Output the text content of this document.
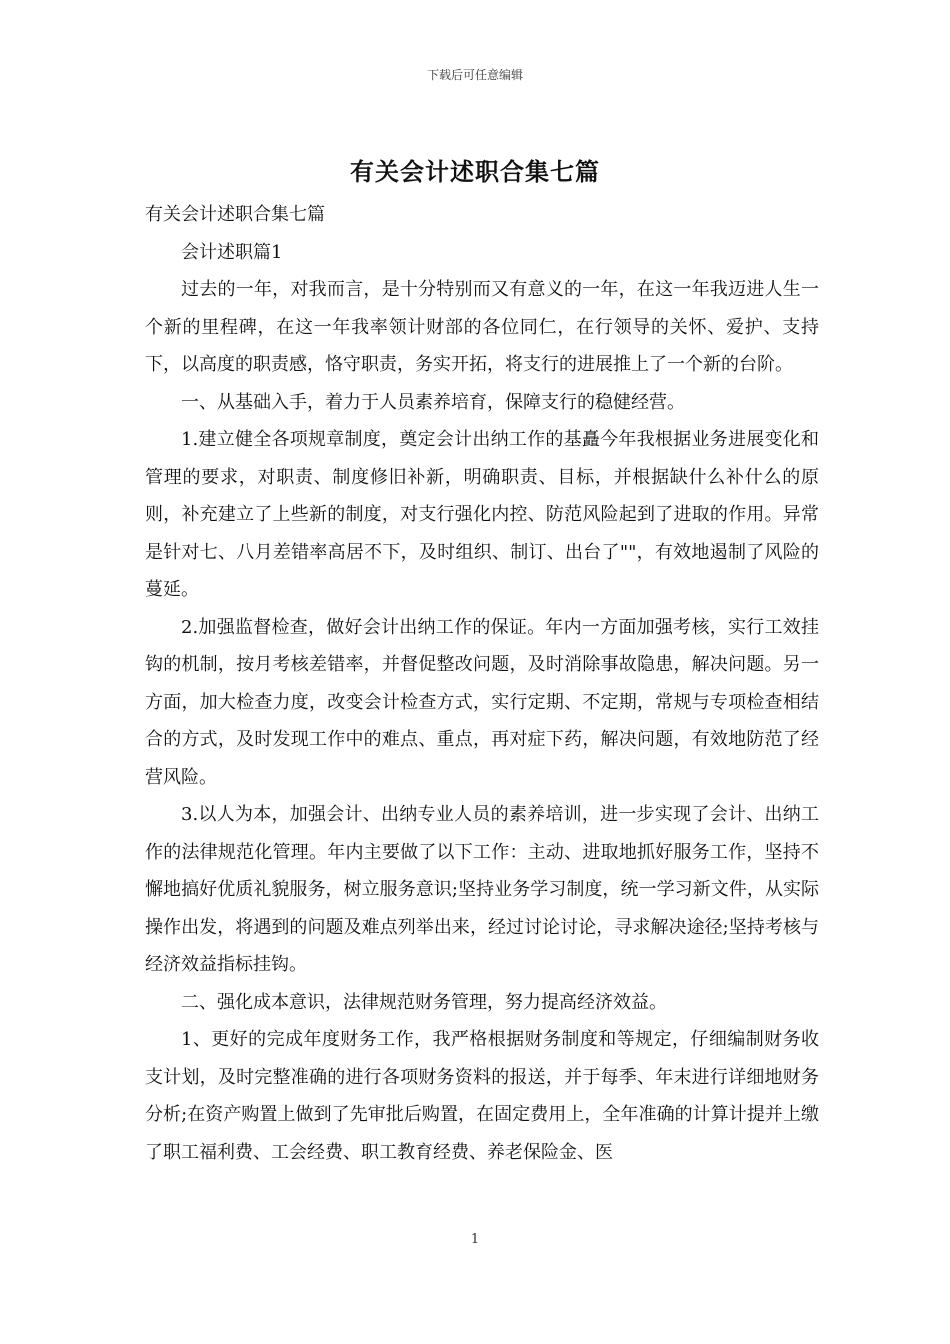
下载后可任意编辑
有关会计述职合集七篇

有关会计述职合集七篇

会计述职篇1

过去的一年，对我而言，是十分特别而又有意义的一年，在这一年我迈进人生一个新的里程碑，在这一年我率领计财部的各位同仁，在行领导的关怀、爱护、支持下，以高度的职责感，恪守职责，务实开拓，将支行的进展推上了一个新的台阶。

一、从基础入手，着力于人员素养培育，保障支行的稳健经营。

1.建立健全各项规章制度，奠定会计出纳工作的基矗今年我根据业务进展变化和管理的要求，对职责、制度修旧补新，明确职责、目标，并根据缺什么补什么的原则，补充建立了上些新的制度，对支行强化内控、防范风险起到了进取的作用。异常是针对七、八月差错率高居不下，及时组织、制订、出台了""，有效地遏制了风险的蔓延。

2.加强监督检查，做好会计出纳工作的保证。年内一方面加强考核，实行工效挂钩的机制，按月考核差错率，并督促整改问题，及时消除事故隐患，解决问题。另一方面，加大检查力度，改变会计检查方式，实行定期、不定期，常规与专项检查相结合的方式，及时发现工作中的难点、重点，再对症下药，解决问题，有效地防范了经营风险。

3.以人为本，加强会计、出纳专业人员的素养培训，进一步实现了会计、出纳工作的法律规范化管理。年内主要做了以下工作：主动、进取地抓好服务工作，坚持不懈地搞好优质礼貌服务，树立服务意识;坚持业务学习制度，统一学习新文件，从实际操作出发，将遇到的问题及难点列举出来，经过讨论讨论，寻求解决途径;坚持考核与经济效益指标挂钩。

二、强化成本意识，法律规范财务管理，努力提高经济效益。

1、更好的完成年度财务工作，我严格根据财务制度和等规定，仔细编制财务收支计划，及时完整准确的进行各项财务资料的报送，并于每季、年末进行详细地财务分析;在资产购置上做到了先审批后购置，在固定费用上，全年准确的计算计提并上缴了职工福利费、工会经费、职工教育经费、养老保险金、医

1
